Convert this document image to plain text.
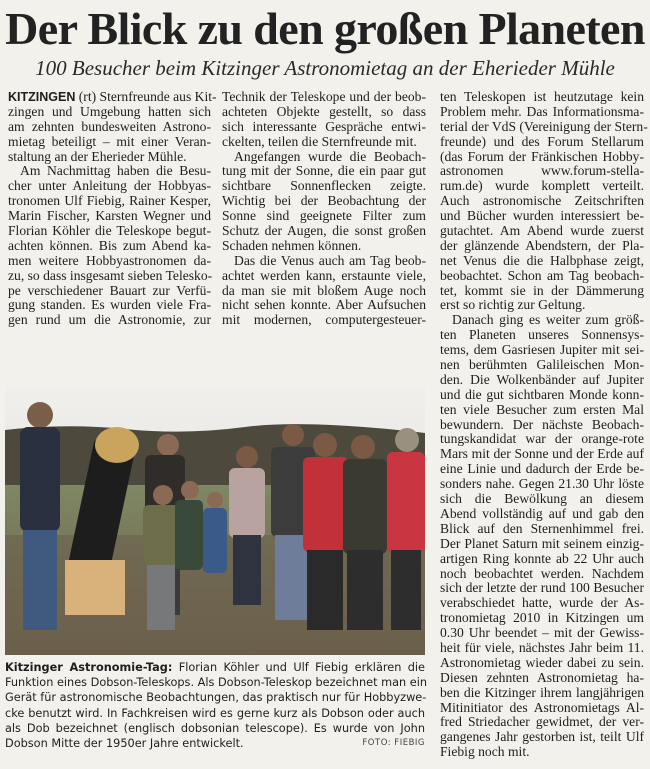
Der Blick zu den großen Planeten
100 Besucher beim Kitzinger Astronomietag an der Eherieder Mühle
KITZINGEN (rt) Sternfreunde aus Kit-
zingen und Umgebung hatten sich
am zehnten bundesweiten Astrono-
mietag beteiligt – mit einer Veran-
staltung an der Eherieder Mühle.
Am Nachmittag haben die Besu-
cher unter Anleitung der Hobbyas-
tronomen Ulf Fiebig, Rainer Kesper,
Marin Fischer, Karsten Wegner und
Florian Köhler die Teleskope begut-
achten können. Bis zum Abend ka-
men weitere Hobbyastronomen da-
zu, so dass insgesamt sieben Telesko-
pe verschiedener Bauart zur Verfü-
gung standen. Es wurden viele Fra-
gen rund um die Astronomie, zur
Technik der Teleskope und der beob-
achteten Objekte gestellt, so dass
sich interessante Gespräche entwi-
ckelten, teilen die Sternfreunde mit.
Angefangen wurde die Beobach-
tung mit der Sonne, die ein paar gut
sichtbare Sonnenflecken zeigte.
Wichtig bei der Beobachtung der
Sonne sind geeignete Filter zum
Schutz der Augen, die sonst großen
Schaden nehmen können.
Das die Venus auch am Tag beob-
achtet werden kann, erstaunte viele,
da man sie mit bloßem Auge noch
nicht sehen konnte. Aber Aufsuchen
mit modernen, computergesteuer-
ten Teleskopen ist heutzutage kein
Problem mehr. Das Informationsma-
terial der VdS (Vereinigung der Stern-
freunde) und des Forum Stellarum
(das Forum der Fränkischen Hobby-
astronomen www.forum-stella-
rum.de) wurde komplett verteilt.
Auch astronomische Zeitschriften
und Bücher wurden interessiert be-
gutachtet. Am Abend wurde zuerst
der glänzende Abendstern, der Pla-
net Venus die die Halbphase zeigt,
beobachtet. Schon am Tag beobach-
tet, kommt sie in der Dämmerung
erst so richtig zur Geltung.
Danach ging es weiter zum größ-
ten Planeten unseres Sonnensys-
tems, dem Gasriesen Jupiter mit sei-
nen berühmten Galileischen Mon-
den. Die Wolkenbänder auf Jupiter
und die gut sichtbaren Monde konn-
ten viele Besucher zum ersten Mal
bewundern. Der nächste Beobach-
tungskandidat war der orange-rote
Mars mit der Sonne und der Erde auf
eine Linie und dadurch der Erde be-
sonders nahe. Gegen 21.30 Uhr löste
sich die Bewölkung an diesem
Abend vollständig auf und gab den
Blick auf den Sternenhimmel frei.
Der Planet Saturn mit seinem einzig-
artigen Ring konnte ab 22 Uhr auch
noch beobachtet werden. Nachdem
sich der letzte der rund 100 Besucher
verabschiedet hatte, wurde der As-
tronomietag 2010 in Kitzingen um
0.30 Uhr beendet – mit der Gewiss-
heit für viele, nächstes Jahr beim 11.
Astronomietag wieder dabei zu sein.
Diesen zehnten Astronomietag ha-
ben die Kitzinger ihrem langjährigen
Mitinitiator des Astronomietags Al-
fred Striedacher gewidmet, der ver-
gangenes Jahr gestorben ist, teilt Ulf
Fiebig noch mit.
Kitzinger Astronomie-Tag: Florian Köhler und Ulf Fiebig erklären die
Funktion eines Dobson-Teleskops. Als Dobson-Teleskop bezeichnet man ein
Gerät für astronomische Beobachtungen, das praktisch nur für Hobbyzwe-
cke benutzt wird. In Fachkreisen wird es gerne kurz als Dobson oder auch
als Dob bezeichnet (englisch dobsonian telescope). Es wurde von John
Dobson Mitte der 1950er Jahre entwickelt.	FOTO: FIEBIG
